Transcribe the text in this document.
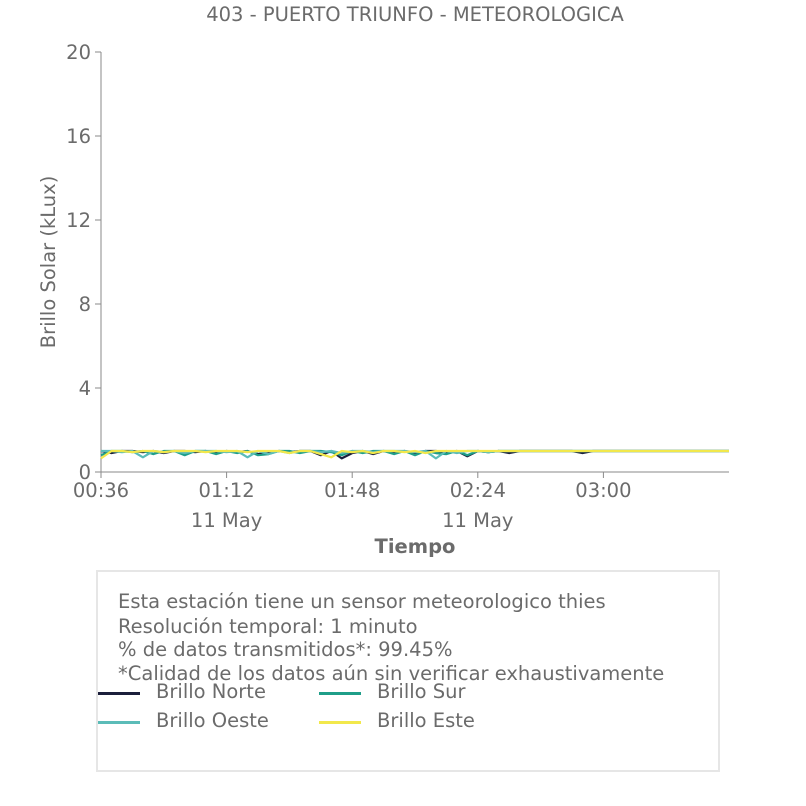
403 - PUERTO TRIUNFO - METEOROLOGICA
Brillo Solar (kLux)
Tiempo
0
4
8
12
16
20
00:36	01:12
11 May
01:48	02:24
11 May
03:00
Esta estación tiene un sensor meteorologico thies
Resolución temporal: 1 minuto
% de datos transmitidos*: 99.45%
*Calidad de los datos aún sin verificar exhaustivamente
Brillo Norte	Brillo Sur
Brillo Oeste	Brillo Este
